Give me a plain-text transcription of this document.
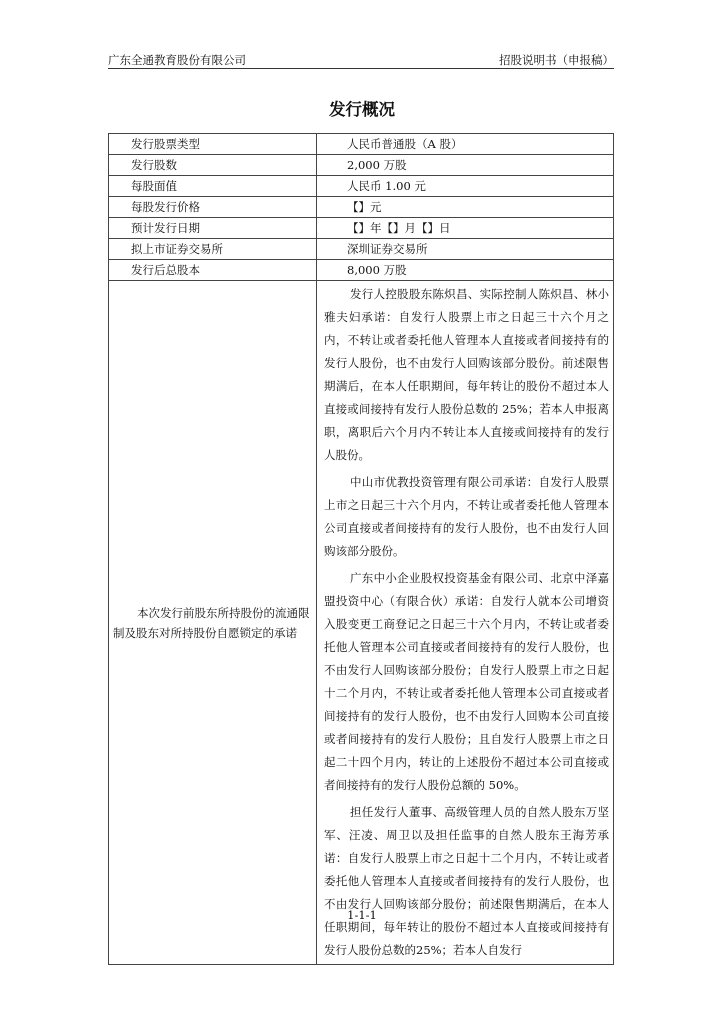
广东全通教育股份有限公司	招股说明书（申报稿）
发行概况
发行股票类型	人民币普通股（A 股）
发行股数	2,000 万股
每股面值	人民币 1.00 元
每股发行价格	【】元
预计发行日期	【】年【】月【】日
拟上市证券交易所	深圳证券交易所
发行后总股本	8,000 万股
本次发行前股东所持股份的流通限制及股东对所持股份自愿锁定的承诺	发行人控股股东陈炽昌、实际控制人陈炽昌、林小雅夫妇承诺：自发行人股票上市之日起三十六个月之内，不转让或者委托他人管理本人直接或者间接持有的发行人股份，也不由发行人回购该部分股份。前述限售期满后，在本人任职期间，每年转让的股份不超过本人直接或间接持有发行人股份总数的 25%；若本人申报离职，离职后六个月内不转让本人直接或间接持有的发行人股份。

中山市优教投资管理有限公司承诺：自发行人股票上市之日起三十六个月内，不转让或者委托他人管理本公司直接或者间接持有的发行人股份，也不由发行人回购该部分股份。

广东中小企业股权投资基金有限公司、北京中泽嘉盟投资中心（有限合伙）承诺：自发行人就本公司增资入股变更工商登记之日起三十六个月内，不转让或者委托他人管理本公司直接或者间接持有的发行人股份，也不由发行人回购该部分股份；自发行人股票上市之日起十二个月内，不转让或者委托他人管理本公司直接或者间接持有的发行人股份，也不由发行人回购本公司直接或者间接持有的发行人股份；且自发行人股票上市之日起二十四个月内，转让的上述股份不超过本公司直接或者间接持有的发行人股份总额的 50%。

担任发行人董事、高级管理人员的自然人股东万坚军、汪凌、周卫以及担任监事的自然人股东王海芳承诺：自发行人股票上市之日起十二个月内，不转让或者委托他人管理本人直接或者间接持有的发行人股份，也不由发行人回购该部分股份；前述限售期满后，在本人任职期间，每年转让的股份不超过本人直接或间接持有发行人股份总数的25%；若本人自发行

1-1-1
